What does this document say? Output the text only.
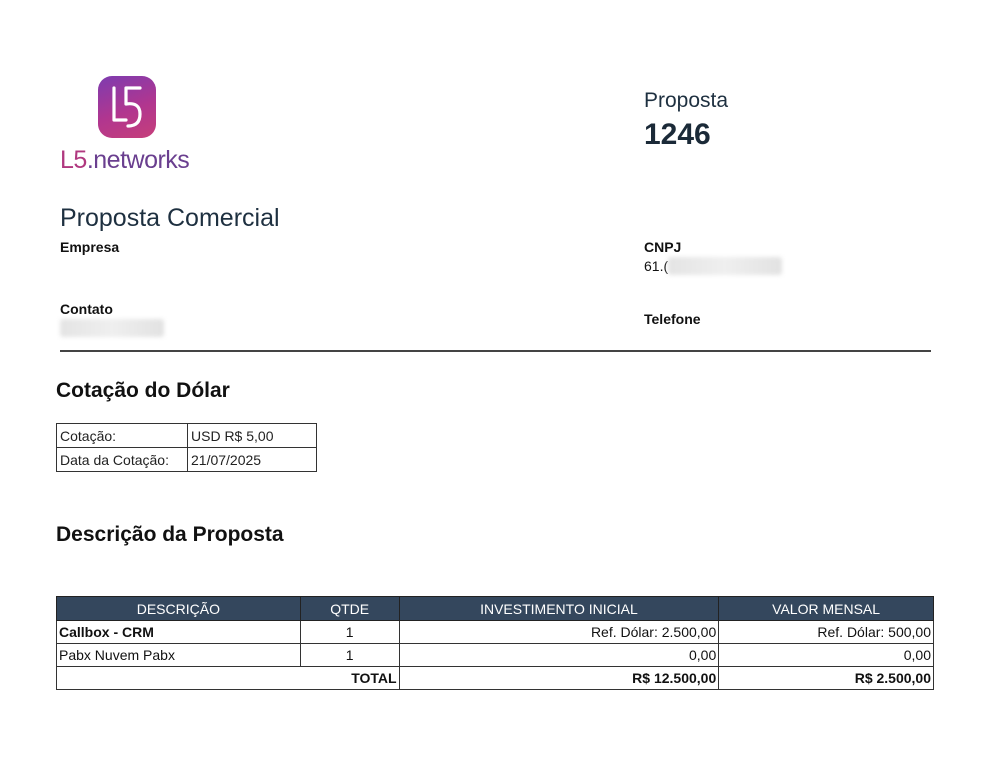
L5.networks
Proposta
1246
Proposta Comercial
Empresa	CNPJ
61.(
Contato
Telefone
Cotação do Dólar
Cotação:	USD R$ 5,00
Data da Cotação:	21/07/2025
Descrição da Proposta
DESCRIÇÃO	QTDE	INVESTIMENTO INICIAL	VALOR MENSAL
Callbox - CRM	1	Ref. Dólar: 2.500,00	Ref. Dólar: 500,00
Pabx Nuvem Pabx	1	0,00	0,00
TOTAL		R$ 12.500,00	R$ 2.500,00
